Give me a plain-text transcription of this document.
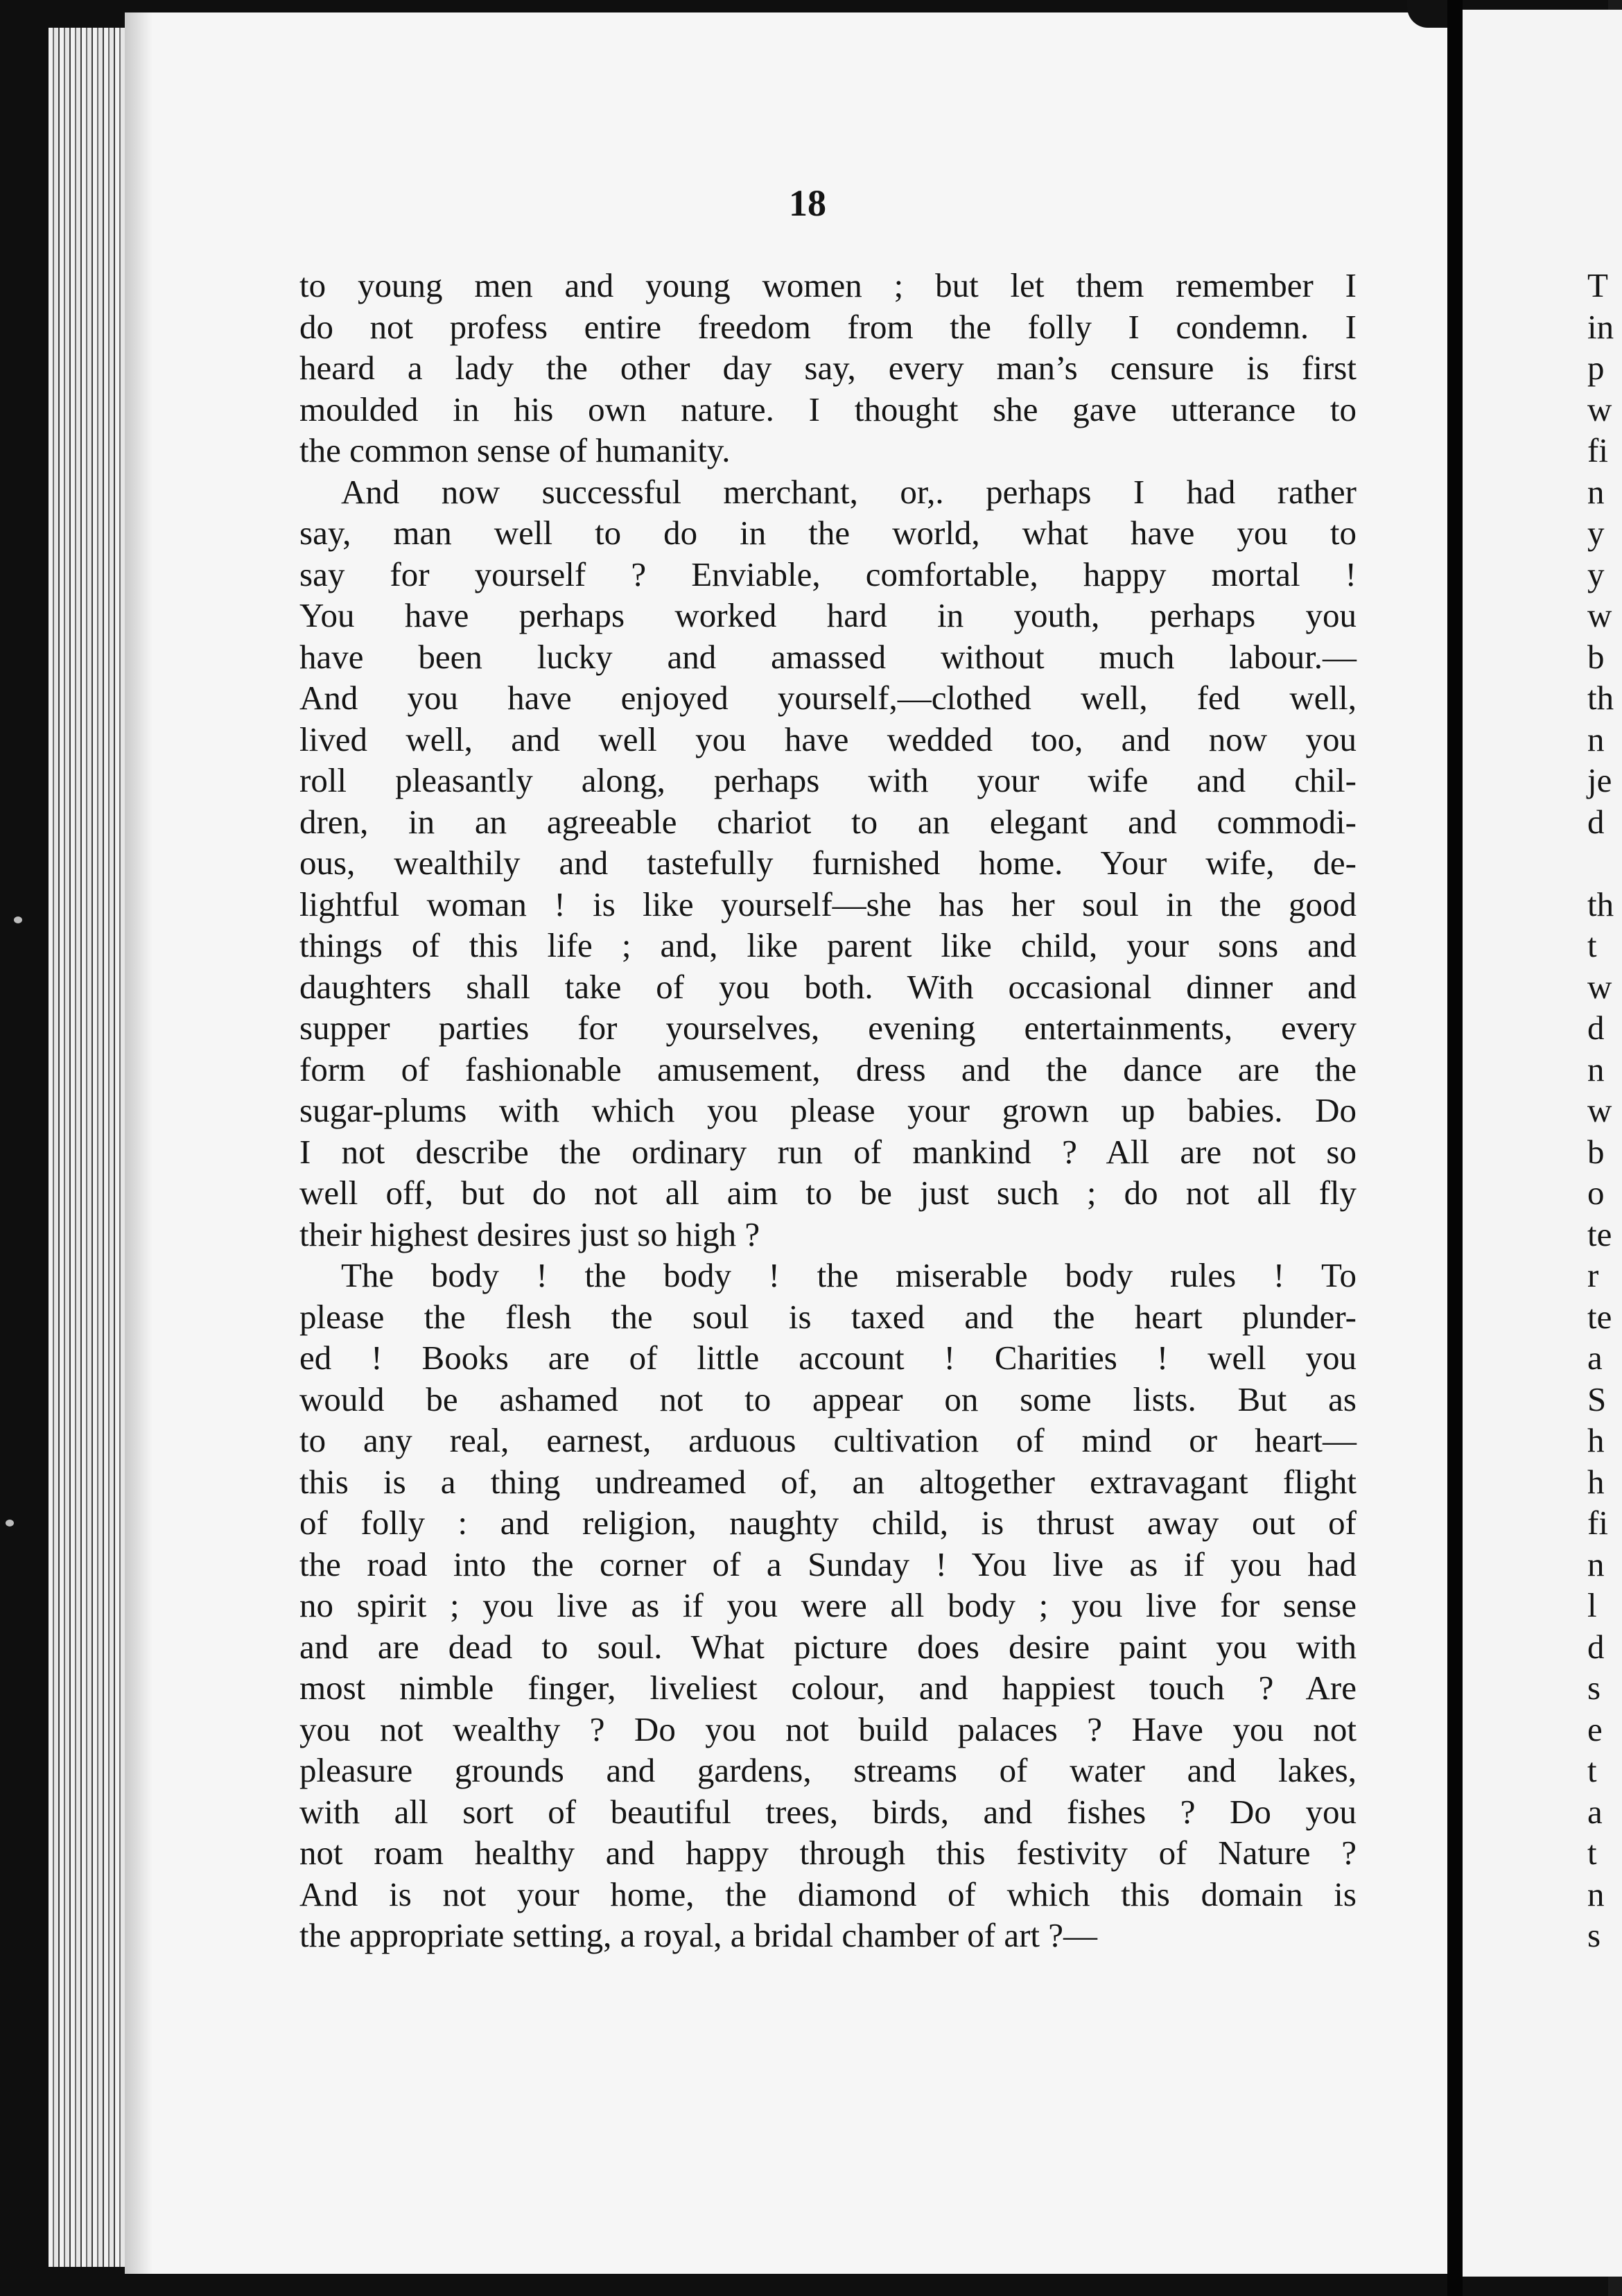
18
to young men and young women ; but let them remember I
do not profess entire freedom from the folly I condemn. I
heard a lady the other day say, every man’s censure is first
moulded in his own nature. I thought she gave utterance to
the common sense of humanity.
And now successful merchant, or,. perhaps I had rather
say, man well to do in the world, what have you to
say for yourself ? Enviable, comfortable, happy mortal !
You have perhaps worked hard in youth, perhaps you
have been lucky and amassed without much labour.—
And you have enjoyed yourself,—clothed well, fed well,
lived well, and well you have wedded too, and now you
roll pleasantly along, perhaps with your wife and chil-
dren, in an agreeable chariot to an elegant and commodi-
ous, wealthily and tastefully furnished home. Your wife, de-
lightful woman ! is like yourself—she has her soul in the good
things of this life ; and, like parent like child, your sons and
daughters shall take of you both. With occasional dinner and
supper parties for yourselves, evening entertainments, every
form of fashionable amusement, dress and the dance are the
sugar-plums with which you please your grown up babies. Do
I not describe the ordinary run of mankind ? All are not so
well off, but do not all aim to be just such ; do not all fly
their highest desires just so high ?
The body ! the body ! the miserable body rules ! To
please the flesh the soul is taxed and the heart plunder-
ed ! Books are of little account ! Charities ! well you
would be ashamed not to appear on some lists. But as
to any real, earnest, arduous cultivation of mind or heart—
this is a thing undreamed of, an altogether extravagant flight
of folly : and religion, naughty child, is thrust away out of
the road into the corner of a Sunday ! You live as if you had
no spirit ; you live as if you were all body ; you live for sense
and are dead to soul. What picture does desire paint you with
most nimble finger, liveliest colour, and happiest touch ? Are
you not wealthy ? Do you not build palaces ? Have you not
pleasure grounds and gardens, streams of water and lakes,
with all sort of beautiful trees, birds, and fishes ? Do you
not roam healthy and happy through this festivity of Nature ?
And is not your home, the diamond of which this domain is
the appropriate setting, a royal, a bridal chamber of art ?—
T
in
p
w
fi
n
y
y
w
b
th
n
je
d
th
t
w
d
n
w
b
o
te
r
te
a
S
h
h
fi
n
l
d
s
e
t
a
t
n
s
